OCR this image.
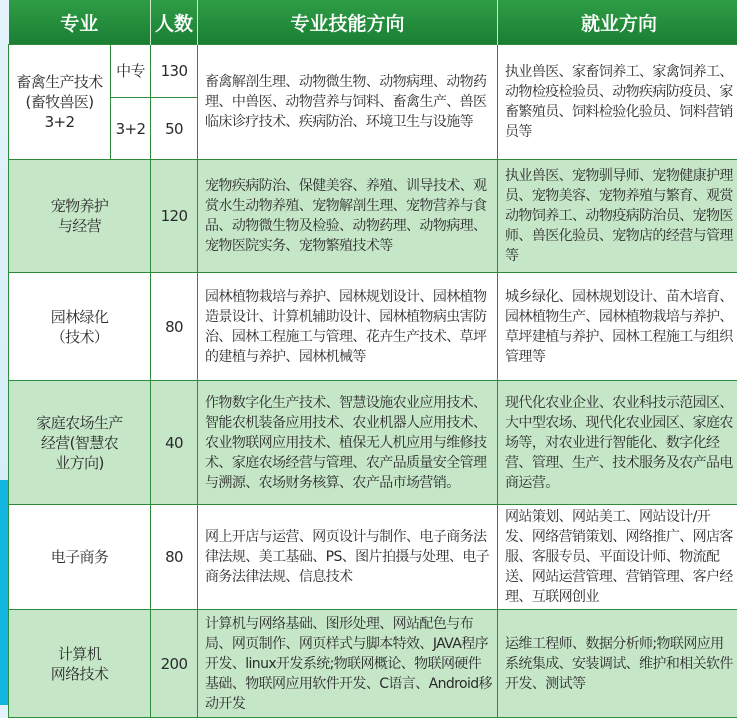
专业		人数	专业技能方向	就业方向
畜禽生产技术
(畜牧兽医)
3+2	中专	130	畜禽解剖生理、动物微生物、动物病理、动物药理、中兽医、动物营养与饲料、畜禽生产、兽医临床诊疗技术、疾病防治、环境卫生与设施等	执业兽医、家畜饲养工、家禽饲养工、动物检疫检验员、动物疾病防疫员、家畜繁殖员、饲料检验化验员、饲料营销员等
	3+2	50		
宠物养护
与经营		120	宠物疾病防治、保健美容、养殖、训导技术、观赏水生动物养殖、宠物解剖生理、宠物营养与食品、动物微生物及检验、动物药理、动物病理、宠物医院实务、宠物繁殖技术等	执业兽医、宠物驯导师、宠物健康护理员、宠物美容、宠物养殖与繁育、观赏动物饲养工、动物疫病防治员、宠物医师、兽医化验员、宠物店的经营与管理等
园林绿化
（技术）		80	园林植物栽培与养护、园林规划设计、园林植物造景设计、计算机辅助设计、园林植物病虫害防治、园林工程施工与管理、花卉生产技术、草坪的建植与养护、园林机械等	城乡绿化、园林规划设计、苗木培育、园林植物生产、园林植物栽培与养护、草坪建植与养护、园林工程施工与组织管理等
家庭农场生产
经营(智慧农
业方向)		40	作物数字化生产技术、智慧设施农业应用技术、智能农机装备应用技术、农业机器人应用技术、农业物联网应用技术、植保无人机应用与维修技术、家庭农场经营与管理、农产品质量安全管理与溯源、农场财务核算、农产品市场营销。	现代化农业企业、农业科技示范园区、大中型农场、现代化农业园区、家庭农场等，对农业进行智能化、数字化经营、管理、生产、技术服务及农产品电商运营。
电子商务		80	网上开店与运营、网页设计与制作、电子商务法律法规、美工基础、PS、图片拍摄与处理、电子商务法律法规、信息技术	网站策划、网站美工、网站设计/开发、网络营销策划、网络推广、网店客服、客服专员、平面设计师、物流配送、网站运营管理、营销管理、客户经理、互联网创业
计算机
网络技术		200	计算机与网络基础、图形处理、网站配色与布局、网页制作、网页样式与脚本特效、JAVA程序开发、linux开发系统;物联网概论、物联网硬件基础、物联网应用软件开发、C语言、Android移动开发	运维工程师、数据分析师;物联网应用系统集成、安装调试、维护和相关软件开发、测试等
